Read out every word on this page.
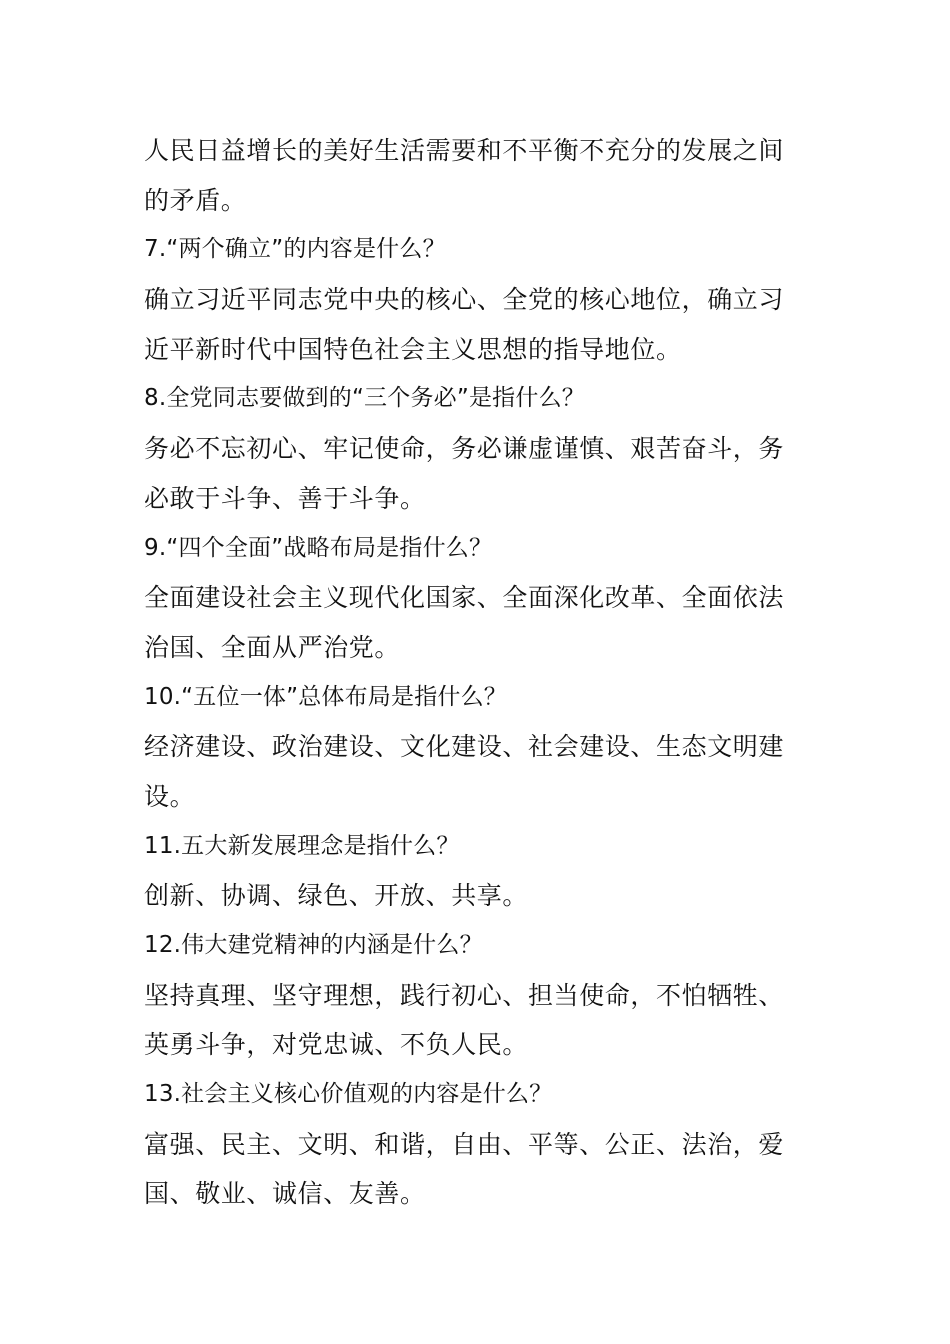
人民日益增长的美好生活需要和不平衡不充分的发展之间
的矛盾。
7.“两个确立”的内容是什么？
确立习近平同志党中央的核心、全党的核心地位，确立习
近平新时代中国特色社会主义思想的指导地位。
8.全党同志要做到的“三个务必”是指什么？
务必不忘初心、牢记使命，务必谦虚谨慎、艰苦奋斗，务
必敢于斗争、善于斗争。
9.“四个全面”战略布局是指什么？
全面建设社会主义现代化国家、全面深化改革、全面依法
治国、全面从严治党。
10.“五位一体”总体布局是指什么？
经济建设、政治建设、文化建设、社会建设、生态文明建
设。
11.五大新发展理念是指什么？
创新、协调、绿色、开放、共享。
12.伟大建党精神的内涵是什么？
坚持真理、坚守理想，践行初心、担当使命，不怕牺牲、
英勇斗争，对党忠诚、不负人民。
13.社会主义核心价值观的内容是什么？
富强、民主、文明、和谐，自由、平等、公正、法治，爱
国、敬业、诚信、友善。
